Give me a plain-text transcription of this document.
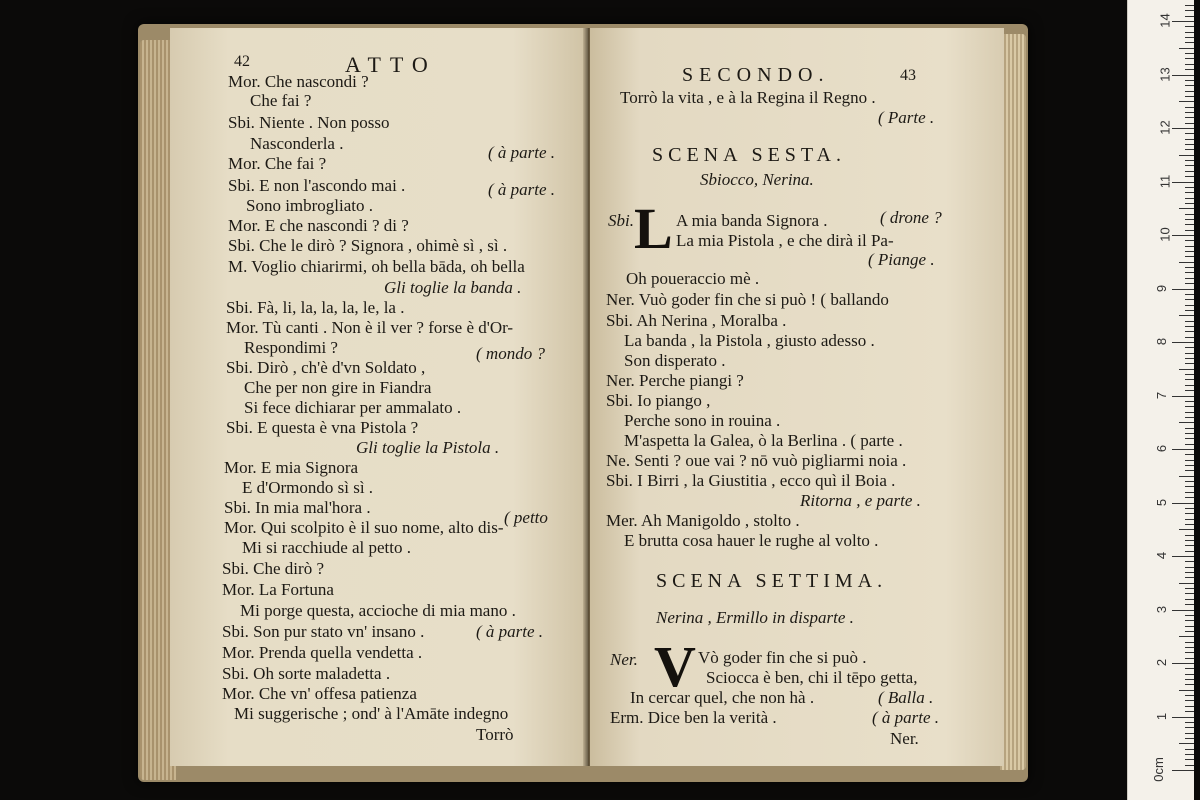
42	ATTO
Mor. Che nascondi ?
Che fai ?
Sbi. Niente . Non posso
Nasconderla .	( à parte .
Mor. Che fai ?
Sbi. E non l'ascondo mai .	( à parte .
Sono imbrogliato .
Mor. E che nascondi ? di ?
Sbi. Che le dirò ? Signora , ohimè sì , sì .
M. Voglio chiarirmi, oh bella bāda, oh bella
Gli toglie la banda .
Sbi. Fà, li, la, la, la, le, la .
Mor. Tù canti . Non è il ver ? forse è d'Or-
Respondimi ?	( mondo ?
Sbi. Dirò , ch'è d'vn Soldato ,
Che per non gire in Fiandra
Si fece dichiarar per ammalato .
Sbi. E questa è vna Pistola ?
Gli toglie la Pistola .
Mor. E mia Signora
E d'Ormondo sì sì .
Sbi. In mia mal'hora .
( petto
Mor. Qui scolpito è il suo nome, alto dis-
Mi si racchiude al petto .
Sbi. Che dirò ?
Mor. La Fortuna
Mi porge questa, accioche di mia mano .
Sbi. Son pur stato vn' insano .	( à parte .
Mor. Prenda quella vendetta .
Sbi. Oh sorte maladetta .
Mor. Che vn' offesa patienza
Mi suggerische ; ond' à l'Amāte indegno
Torrò
SECONDO.	43
Torrò la vita , e à la Regina il Regno .
( Parte .
SCENA SESTA.
Sbiocco, Nerina.
Sbi. L A mia banda Signora .	( drone ?
La mia Pistola , e che dirà il Pa-
( Piange .
Oh poueraccio mè .
Ner. Vuò goder fin che si può ! ( ballando
Sbi. Ah Nerina , Moralba .
La banda , la Pistola , giusto adesso .
Son disperato .
Ner. Perche piangi ?
Sbi. Io piango ,
Perche sono in rouina .
M'aspetta la Galea, ò la Berlina . ( parte .
Ne. Senti ? oue vai ? nō vuò pigliarmi noia .
Sbi. I Birri , la Giustitia , ecco quì il Boia .
Ritorna , e parte .
Mer. Ah Manigoldo , stolto .
E brutta cosa hauer le rughe al volto .
SCENA SETTIMA.
Nerina , Ermillo in disparte .
Ner. V Vò goder fin che si può .
Sciocca è ben, chi il tēpo getta,
In cercar quel, che non hà .	( Balla .
Erm. Dice ben la verità .	( à parte .
Ner.
0cm
1
2
3
4
5
6
7
8
9
10
11
12
13
14
